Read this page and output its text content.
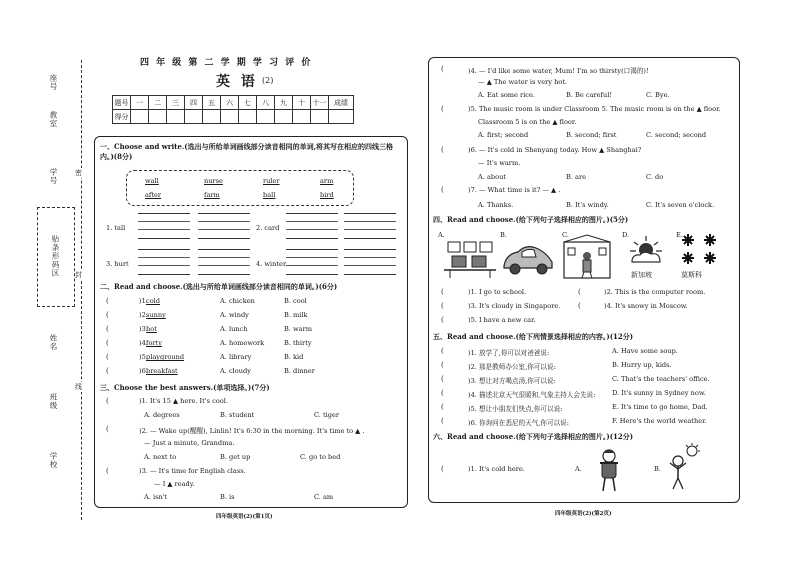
座号
教室
学号
贴条形码区
姓名
班级
学校
密
封
线
四 年 级 第 二 学 期 学 习 评 价
英 语 (2)
题号	一	二	三	四	五	六	七	八	九	十	十一	成绩
得分												
一、Choose and write.(选出与所给单词画线部分读音相同的单词,将其写在相应的四线三格内。)(8分)
wall	nurse	ruler	arm
after	farm	ball	bird
1. tall	2. card
3. hurt	4. winter
二、Read and choose.(选出与所给单词画线部分读音相同的单词。)(6分)
(	)1.
cold	A. chicken	B. cool
(	)2.
sunny	A. windy	B. milk
(	)3.
hot	A. lunch	B. warm
(	)4.
forty	A. homework	B. thirty
(	)5.
playground	A. library	B. kid
(	)6.
breakfast	A. cloudy	B. dinner
三、Choose the best answers.(单项选择。)(7分)
(	)1. It's 15 ▲ here. It's cool.
A. degrees	B. student	C. tiger
(	)2. — Wake up(醒醒), Linlin! It's 6:30 in the morning. It's time to ▲ .
— Just a minute, Grandma.
A. next to	B. get up	C. go to bed
(	)3. — It's time for English class.
— I ▲ ready.
A. isn't	B. is	C. am
四年级英语(2)(第1页)
(	)4. — I'd like some water, Mum! I'm so thirsty(口渴的)!
— ▲ The water is very hot.
A. Eat some rice.	B. Be careful!	C. Bye.
(	)5. The music room is under Classroom 5. The music room is on the ▲ floor.
Classroom 5 is on the ▲ floor.
A. first; second	B. second; first	C. second; second
(	)6. — It's cold in Shenyang today. How ▲ Shanghai?
— It's warm.
A. about	B. are	C. do
(	)7. — What time is it? — ▲ .
A. Thanks.	B. It's windy.	C. It's seven o'clock.
四、Read and choose.(给下列句子选择相应的图片。)(5分)
A.	B.	C.	D.	E.
新加坡	莫斯科
(	)1. I go to school.	(	)2. This is the computer room.
(	)3. It's cloudy in Singapore.	(	)4. It's snowy in Moscow.
(	)5. I have a new car.
五、Read and choose.(给下列情景选择相应的内容。)(12分)
(	)1. 放学了,你可以对爸爸说:	A. Have some soup.
(	)2. 那是教师办公室,你可以说:	B. Hurry up, kids.
(	)3. 想让对方喝点汤,你可以说:	C. That's the teachers' office.
(	)4. 描述北京天气很暖和,气象主持人会先说:	D. It's sunny in Sydney now.
(	)5. 想让小朋友们快点,你可以说:	E. It's time to go home, Dad.
(	)6. 你询问在悉尼的天气,你可以说:	F. Here's the world weather.
六、Read and choose.(给下列句子选择相应的图片。)(12分)
(	)1. It's cold here.	A.	B.
四年级英语(2)(第2页)
